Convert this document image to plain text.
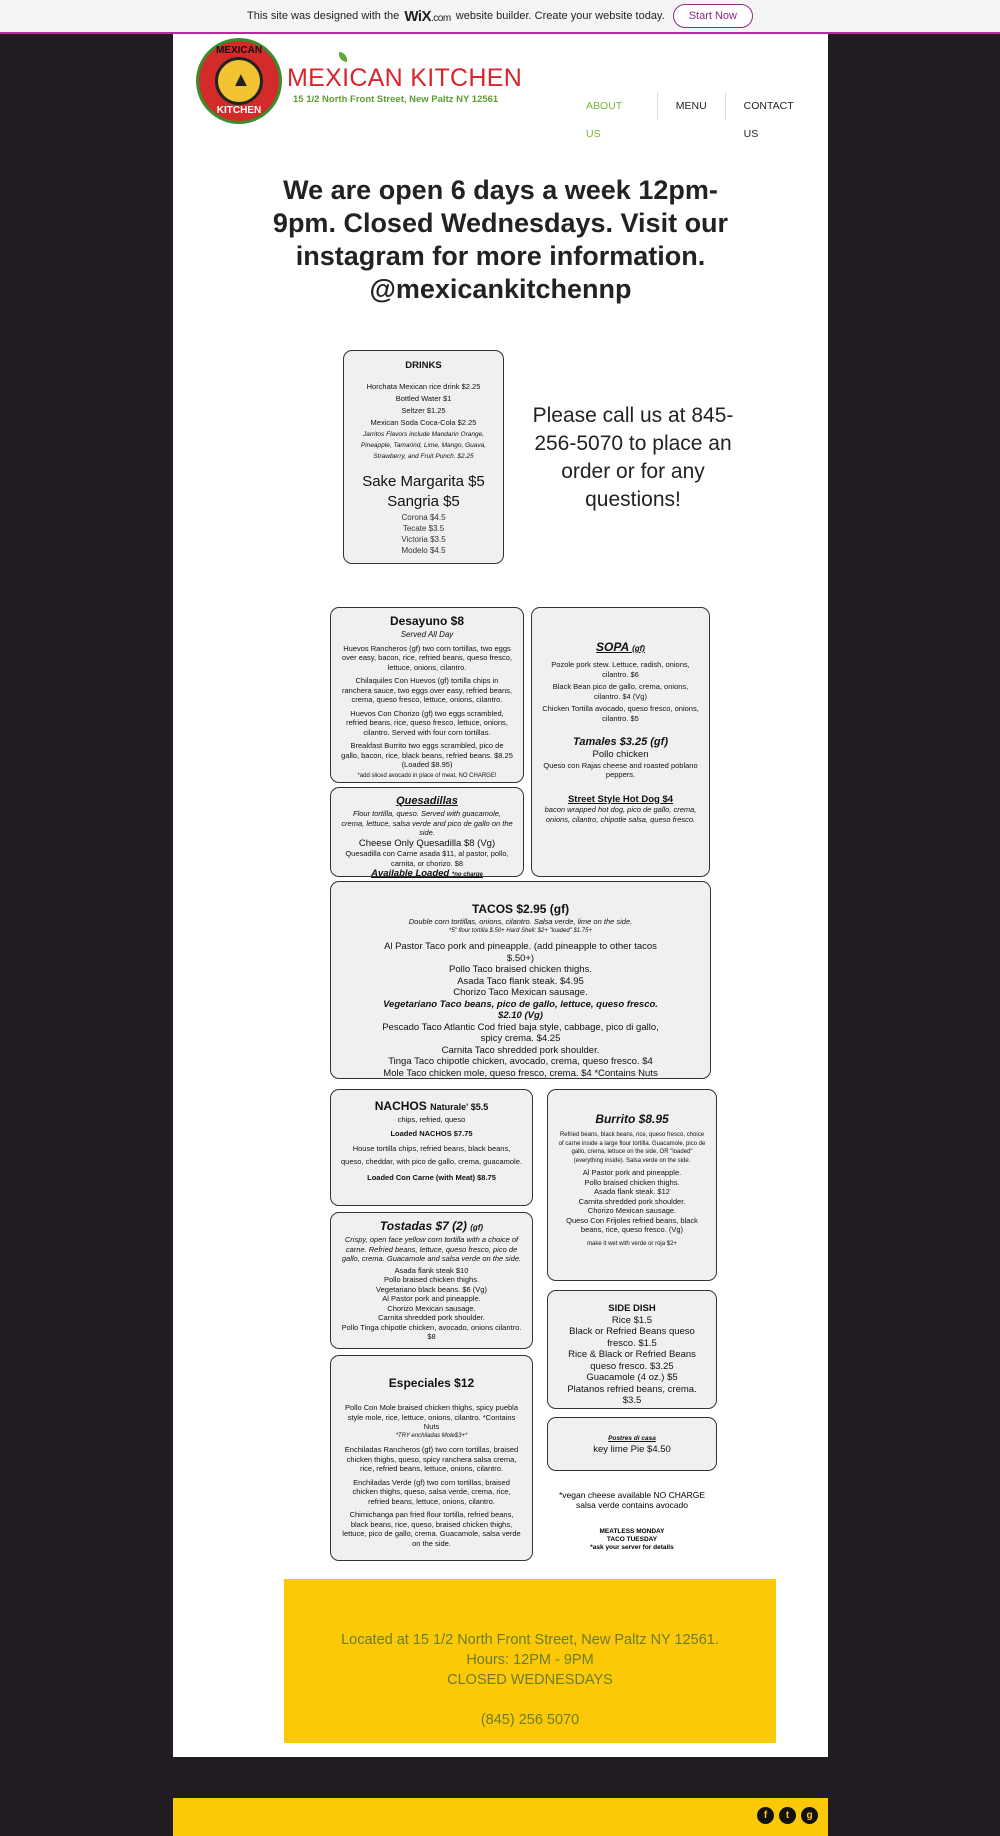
This site was designed with the
WiX.com
website builder. Create your website today.	Start Now
MEXICAN
▲
KITCHEN
MEXICAN KITCHEN
15 1/2 North Front Street, New Paltz NY 12561
ABOUT US
MENU	CONTACT US
We are open 6 days a week 12pm-9pm. Closed Wednesdays. Visit our instagram for more information. @mexicankitchennp

DRINKS

Horchata Mexican rice drink $2.25

Bottled Water $1

Seltzer $1.25

Mexican Soda Coca-Cola $2.25

Jarritos Flavors include Mandarin Orange, Pineapple, Tamarind, Lime, Mango, Guava, Strawberry, and Fruit Punch. $2.25

Sake Margarita $5

Sangria $5

Corona $4.5

Tecate $3.5

Victoria $3.5

Modelo $4.5

Please call us at 845-256-5070 to place an order or for any questions!

Desayuno $8

Served All Day

Huevos Rancheros (gf) two corn tortillas, two eggs over easy, bacon, rice, refried beans, queso fresco, lettuce, onions, cilantro.

Chilaquiles Con Huevos (gf) tortilla chips in ranchera sauce, two eggs over easy, refried beans, crema, queso fresco, lettuce, onions, cilantro.

Huevos Con Chorizo (gf) two eggs scrambled, refried beans, rice, queso fresco, lettuce, onions, cilantro. Served with four corn tortillas.

Breakfast Burrito two eggs scrambled, pico de gallo, bacon, rice, black beans, refried beans. $8.25 (Loaded $8.95)

*add sliced avocado in place of meat, NO CHARGE!

Quesadillas

Flour tortilla, queso. Served with guacamole, crema, lettuce, salsa verde and pico de gallo on the side.

Cheese Only Quesadilla $8 (Vg)

Quesadilla con Carne asada $11, al pastor, pollo, carnita, or chorizo. $8

Available Loaded *no charge

SOPA (gf)

Pozole pork stew. Lettuce, radish, onions, cilantro. $6

Black Bean pico de gallo, crema, onions, cilantro. $4 (Vg)

Chicken Tortilla avocado, queso fresco, onions, cilantro. $5

Tamales $3.25 (gf)

Pollo chicken

Queso con Rajas cheese and roasted poblano peppers.

Street Style Hot Dog $4

bacon wrapped hot dog, pico de gallo, crema, onions, cilantro, chipotle salsa, queso fresco.

TACOS $2.95 (gf)

Double corn tortillas, onions, cilantro. Salsa verde, lime on the side.

*5" flour tortilla $.50+ Hard Shell: $2+ "loaded" $1.75+

Al Pastor Taco pork and pineapple. (add pineapple to other tacos $.50+)

Pollo Taco braised chicken thighs.

Asada Taco flank steak. $4.95

Chorizo Taco Mexican sausage.

Vegetariano Taco beans, pico de gallo, lettuce, queso fresco. $2.10 (Vg)

Pescado Taco Atlantic Cod fried baja style, cabbage, pico di gallo, spicy crema. $4.25

Carnita Taco shredded pork shoulder.

Tinga Taco chipotle chicken, avocado, crema, queso fresco. $4

Mole Taco chicken mole, queso fresco, crema. $4 *Contains Nuts

NACHOS Naturale' $5.5

chips, refried, queso

Loaded NACHOS $7.75

House tortilla chips, refried beans, black beans, queso, cheddar, with pico de gallo, crema, guacamole.

Loaded Con Carne (with Meat) $8.75

Tostadas $7 (2) (gf)

Crispy, open face yellow corn tortilla with a choice of carne. Refried beans, lettuce, queso fresco, pico de gallo, crema. Guacamole and salsa verde on the side.

Asada flank steak $10

Pollo braised chicken thighs.

Vegetariano black beans. $6 (Vg)

Al Pastor pork and pineapple.

Chorizo Mexican sausage.

Carnita shredded pork shoulder.

Pollo Tinga chipotle chicken, avocado, onions cilantro. $8

Especiales $12

Pollo Con Mole braised chicken thighs, spicy puebla style mole, rice, lettuce, onions, cilantro. *Contains Nuts

*TRY enchiladas Mole$3+*

Enchiladas Rancheros (gf) two corn tortillas, braised chicken thighs, queso, spicy ranchera salsa crema, rice, refried beans, lettuce, onions, cilantro.

Enchiladas Verde (gf) two corn tortillas, braised chicken thighs, queso, salsa verde, crema, rice, refried beans, lettuce, onions, cilantro.

Chimichanga pan fried flour tortilla, refried beans, black beans, rice, queso, braised chicken thighs, lettuce, pico de gallo, crema. Guacamole, salsa verde on the side.

Burrito $8.95

Refried beans, black beans, rice, queso fresco, choice of carne inside a large flour tortilla. Guacamole, pico de gallo, crema, lettuce on the side, OR "loaded" (everything inside). Salsa verde on the side.

Al Pastor pork and pineapple.

Pollo braised chicken thighs.

Asada flank steak. $12

Carnita shredded pork shoulder.

Chorizo Mexican sausage.

Queso Con Frijoles refried beans, black beans, rice, queso fresco. (Vg)

make it wet with verde or roja $2+

SIDE DISH

Rice $1.5

Black or Refried Beans queso fresco. $1.5

Rice & Black or Refried Beans queso fresco. $3.25

Guacamole (4 oz.) $5

Platanos refried beans, crema. $3.5

Postres di casa

key lime Pie $4.50

*vegan cheese available NO CHARGE

salsa verde contains avocado

MEATLESS MONDAY

TACO TUESDAY

*ask your server for details

Located at 15 1/2 North Front Street, New Paltz NY 12561.

Hours: 12PM - 9PM

CLOSED WEDNESDAYS

(845) 256 5070

f	t	g
